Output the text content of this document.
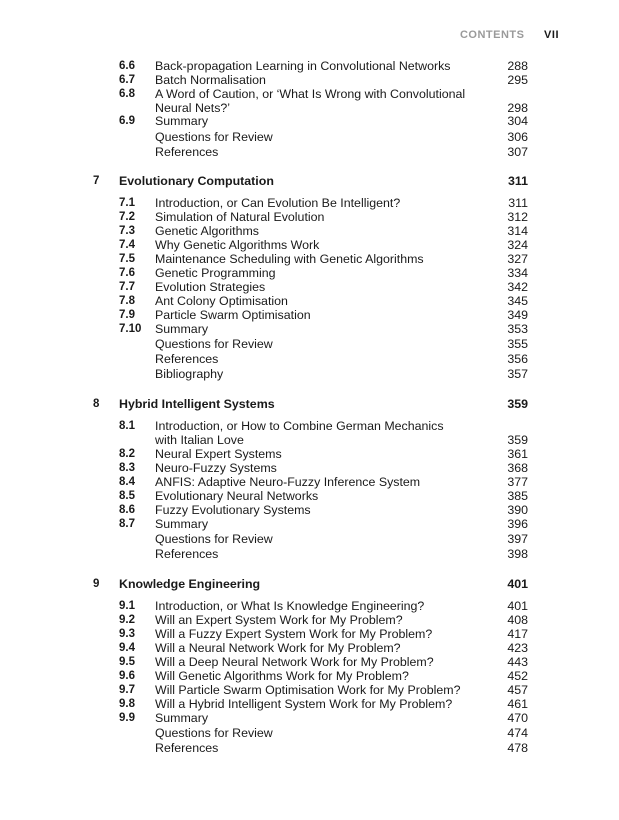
CONTENTS VII
6.6 Back-propagation Learning in Convolutional Networks	288
6.7 Batch Normalisation	295
6.8 A Word of Caution, or ‘What Is Wrong with Convolutional
Neural Nets?’	298
6.9 Summary	304
Questions for Review	306
References	307
7 Evolutionary Computation	311
7.1 Introduction, or Can Evolution Be Intelligent?	311
7.2 Simulation of Natural Evolution	312
7.3 Genetic Algorithms	314
7.4 Why Genetic Algorithms Work	324
7.5 Maintenance Scheduling with Genetic Algorithms	327
7.6 Genetic Programming	334
7.7 Evolution Strategies	342
7.8 Ant Colony Optimisation	345
7.9 Particle Swarm Optimisation	349
7.10 Summary	353
Questions for Review	355
References	356
Bibliography	357
8 Hybrid Intelligent Systems	359
8.1 Introduction, or How to Combine German Mechanics
with Italian Love	359
8.2 Neural Expert Systems	361
8.3 Neuro-Fuzzy Systems	368
8.4 ANFIS: Adaptive Neuro-Fuzzy Inference System	377
8.5 Evolutionary Neural Networks	385
8.6 Fuzzy Evolutionary Systems	390
8.7 Summary	396
Questions for Review	397
References	398
9 Knowledge Engineering	401
9.1 Introduction, or What Is Knowledge Engineering?	401
9.2 Will an Expert System Work for My Problem?	408
9.3 Will a Fuzzy Expert System Work for My Problem?	417
9.4 Will a Neural Network Work for My Problem?	423
9.5 Will a Deep Neural Network Work for My Problem?	443
9.6 Will Genetic Algorithms Work for My Problem?	452
9.7 Will Particle Swarm Optimisation Work for My Problem?	457
9.8 Will a Hybrid Intelligent System Work for My Problem?	461
9.9 Summary	470
Questions for Review	474
References	478
